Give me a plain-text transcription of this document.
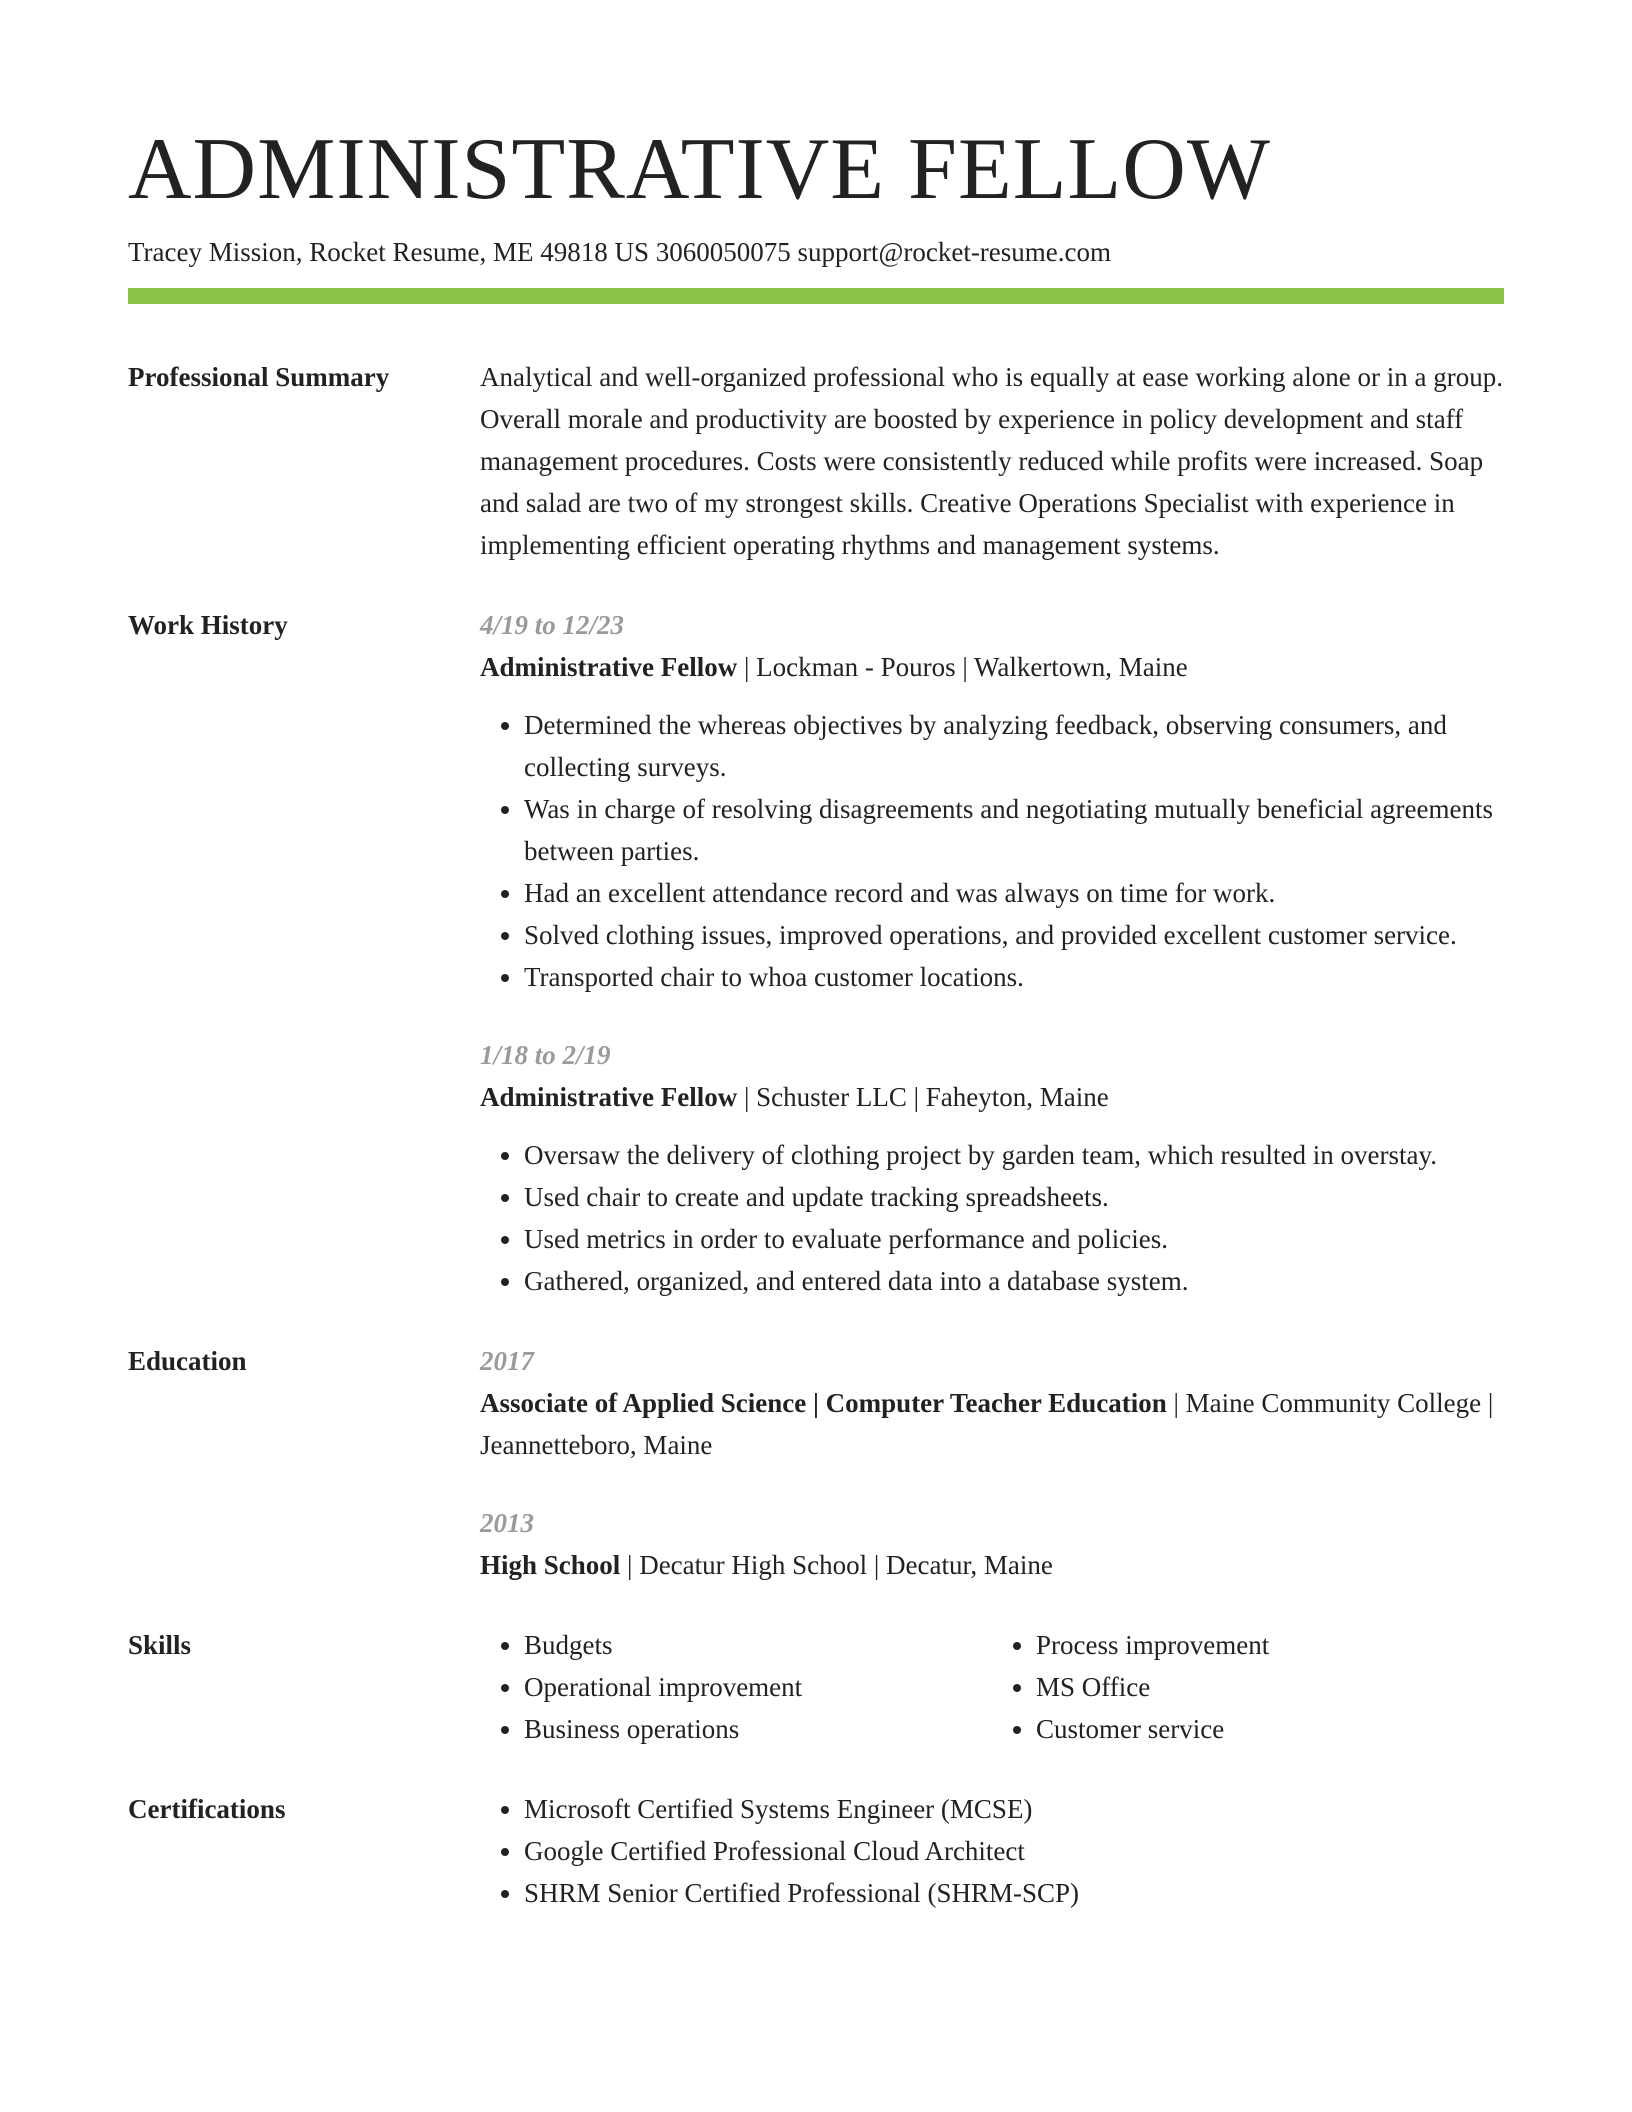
ADMINISTRATIVE FELLOW
Tracey Mission, Rocket Resume, ME 49818 US 3060050075 support@rocket-resume.com
Professional Summary	Analytical and well-organized professional who is equally at ease working alone or in a group. Overall morale and productivity are boosted by experience in policy development and staff management procedures. Costs were consistently reduced while profits were increased. Soap and salad are two of my strongest skills. Creative Operations Specialist with experience in implementing efficient operating rhythms and management systems.

Work History	4/19 to 12/23
Administrative Fellow | Lockman - Pouros | Walkertown, Maine
• Determined the whereas objectives by analyzing feedback, observing consumers, and collecting surveys.
• Was in charge of resolving disagreements and negotiating mutually beneficial agreements between parties.
• Had an excellent attendance record and was always on time for work.
• Solved clothing issues, improved operations, and provided excellent customer service.
• Transported chair to whoa customer locations.
1/18 to 2/19
Administrative Fellow | Schuster LLC | Faheyton, Maine
• Oversaw the delivery of clothing project by garden team, which resulted in overstay.
• Used chair to create and update tracking spreadsheets.
• Used metrics in order to evaluate performance and policies.
• Gathered, organized, and entered data into a database system.
Education	2017
Associate of Applied Science | Computer Teacher Education | Maine Community College | Jeannetteboro, Maine
2013
High School | Decatur High School | Decatur, Maine
Skills	• Budgets
• Operational improvement
• Business operations
• Process improvement
• MS Office
• Customer service
Certifications	• Microsoft Certified Systems Engineer (MCSE)
• Google Certified Professional Cloud Architect
• SHRM Senior Certified Professional (SHRM-SCP)
